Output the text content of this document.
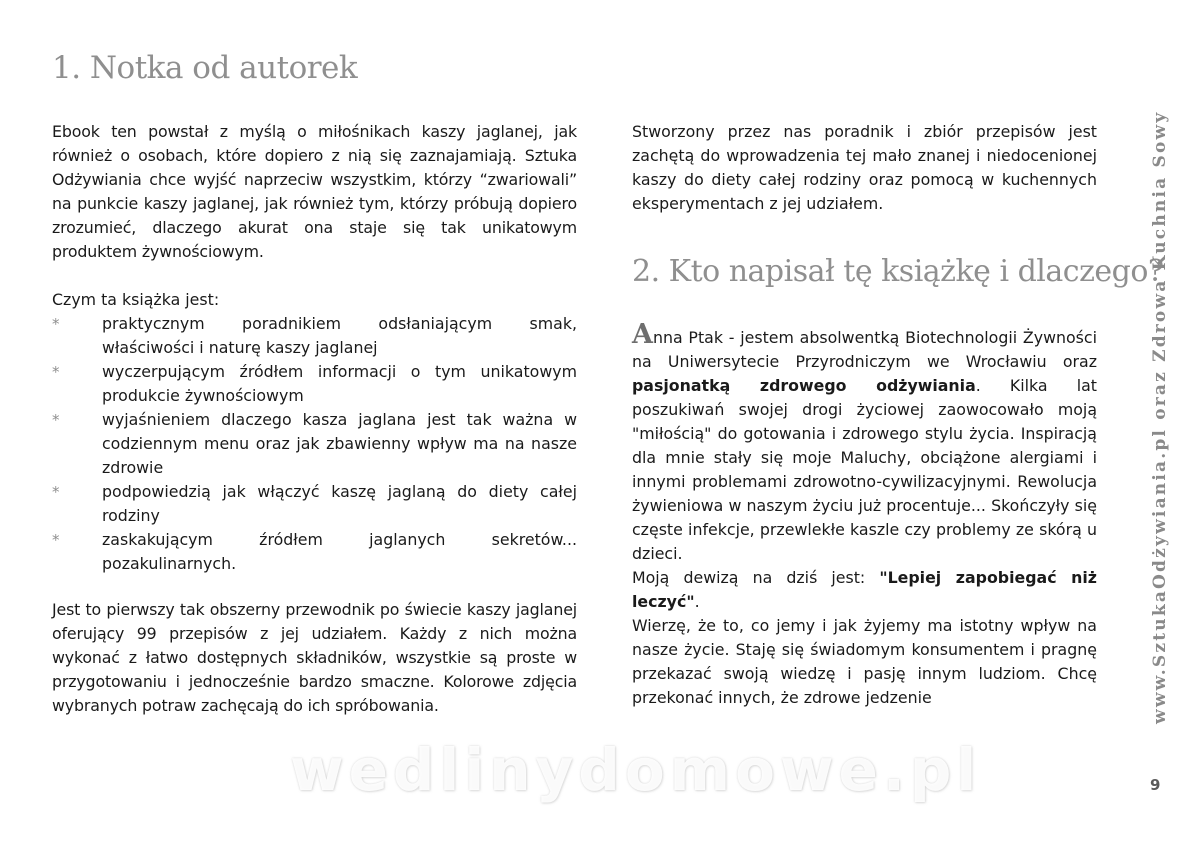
1. Notka od autorek

Ebook ten powstał z myślą o miłośnikach kaszy jaglanej, jak również o osobach, które dopiero z nią się zaznajamiają. Sztuka Odżywiania chce wyjść naprzeciw wszystkim, którzy “zwariowali” na punkcie kaszy jaglanej, jak również tym, którzy próbują dopiero zrozumieć, dlaczego akurat ona staje się tak unikatowym produktem żywnościowym.

Czym ta książka jest:

*	praktycznym poradnikiem odsłaniającym smak, właściwości i naturę kaszy jaglanej
*	wyczerpującym źródłem informacji o tym unikatowym produkcie żywnościowym
*	wyjaśnieniem dlaczego kasza jaglana jest tak ważna w codziennym menu oraz jak zbawienny wpływ ma na nasze zdrowie
*	podpowiedzią jak włączyć kaszę jaglaną do diety całej rodziny
*	zaskakującym źródłem jaglanych sekretów... pozakulinarnych.

Jest to pierwszy tak obszerny przewodnik po świecie kaszy jaglanej oferujący 99 przepisów z jej udziałem. Każdy z nich można wykonać z łatwo dostępnych składników, wszystkie są proste w przygotowaniu i jednocześnie bardzo smaczne. Kolorowe zdjęcia wybranych potraw zachęcają do ich spróbowania.

Stworzony przez nas poradnik i zbiór przepisów jest zachętą do wprowadzenia tej mało znanej i niedocenionej kaszy do diety całej rodziny oraz pomocą w kuchennych eksperymentach z jej udziałem.

2. Kto napisał tę książkę i dlaczego?

Anna Ptak - jestem absolwentką Biotechnologii Żywności na Uniwersytecie Przyrodniczym we Wrocławiu oraz pasjonatką zdrowego odżywiania. Kilka lat poszukiwań swojej drogi życiowej zaowocowało moją "miłością" do gotowania i zdrowego stylu życia. Inspiracją dla mnie stały się moje Maluchy, obciążone alergiami i innymi problemami zdrowotno-cywilizacyjnymi. Rewolucja żywieniowa w naszym życiu już procentuje... Skończyły się częste infekcje, przewlekłe kaszle czy problemy ze skórą u dzieci.
Moją dewizą na dziś jest: "Lepiej zapobiegać niż leczyć".
Wierzę, że to, co jemy i jak żyjemy ma istotny wpływ na nasze życie. Staję się świadomym konsumentem i pragnę przekazać swoją wiedzę i pasję innym ludziom. Chcę przekonać innych, że zdrowe jedzenie	www.SztukaOdżywiania.pl oraz Zdrowa Kuchnia Sowy
9
wedlinydomowe.pl
